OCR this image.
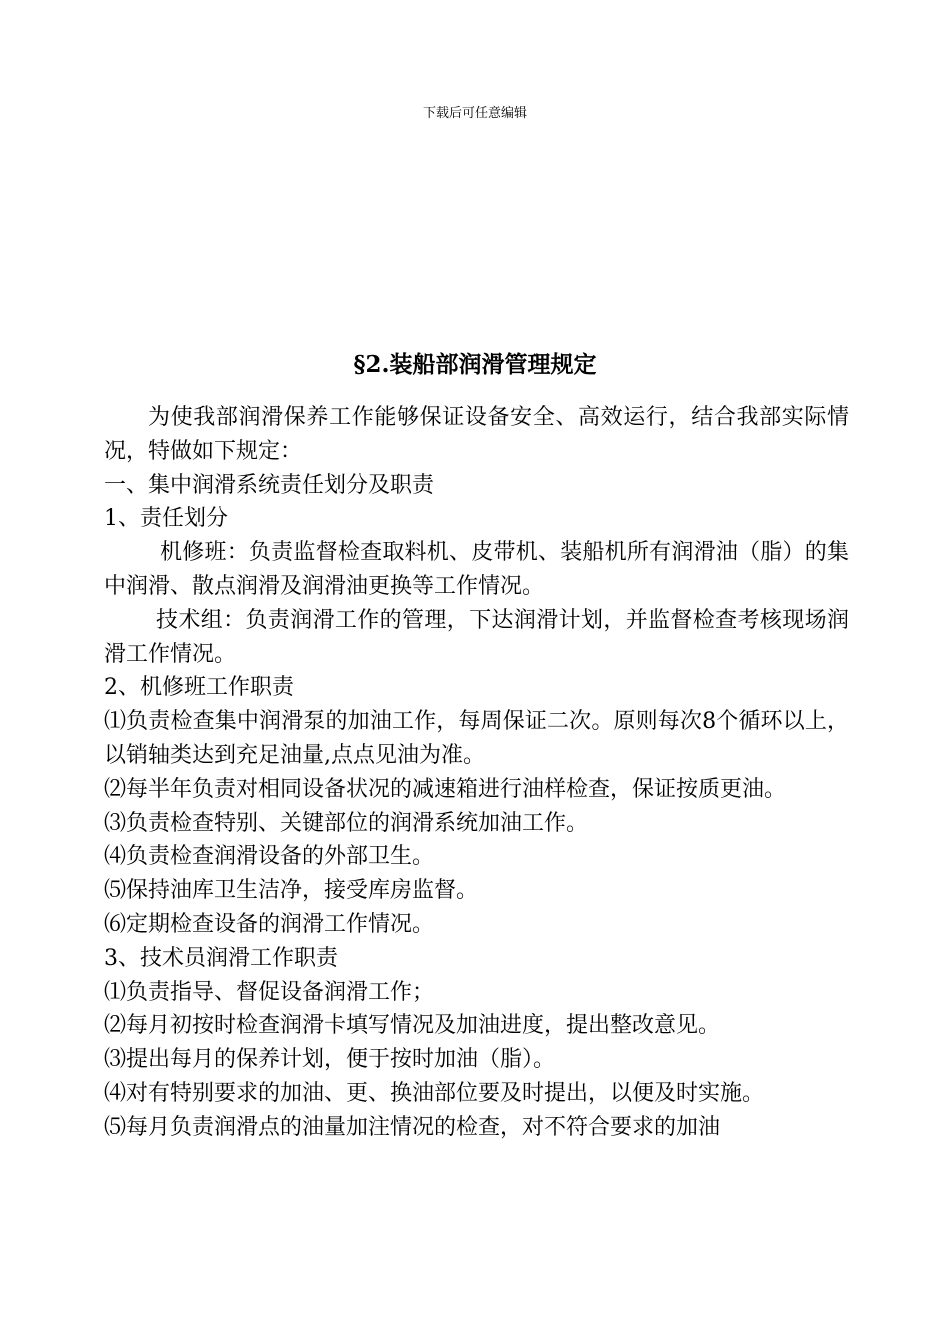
下载后可任意编辑
§2.装船部润滑管理规定

为使我部润滑保养工作能够保证设备安全、高效运行，结合我部实际情况，特做如下规定：

一、集中润滑系统责任划分及职责

1、责任划分

机修班：负责监督检查取料机、皮带机、装船机所有润滑油（脂）的集中润滑、散点润滑及润滑油更换等工作情况。

技术组：负责润滑工作的管理，下达润滑计划，并监督检查考核现场润滑工作情况。

2、机修班工作职责

⑴负责检查集中润滑泵的加油工作，每周保证二次。原则每次8个循环以上，以销轴类达到充足油量,点点见油为准。

⑵每半年负责对相同设备状况的减速箱进行油样检查，保证按质更油。

⑶负责检查特别、关键部位的润滑系统加油工作。

⑷负责检查润滑设备的外部卫生。

⑸保持油库卫生洁净，接受库房监督。

⑹定期检查设备的润滑工作情况。

3、技术员润滑工作职责

⑴负责指导、督促设备润滑工作；

⑵每月初按时检查润滑卡填写情况及加油进度，提出整改意见。

⑶提出每月的保养计划，便于按时加油（脂）。

⑷对有特别要求的加油、更、换油部位要及时提出，以便及时实施。

⑸每月负责润滑点的油量加注情况的检查，对不符合要求的加油
